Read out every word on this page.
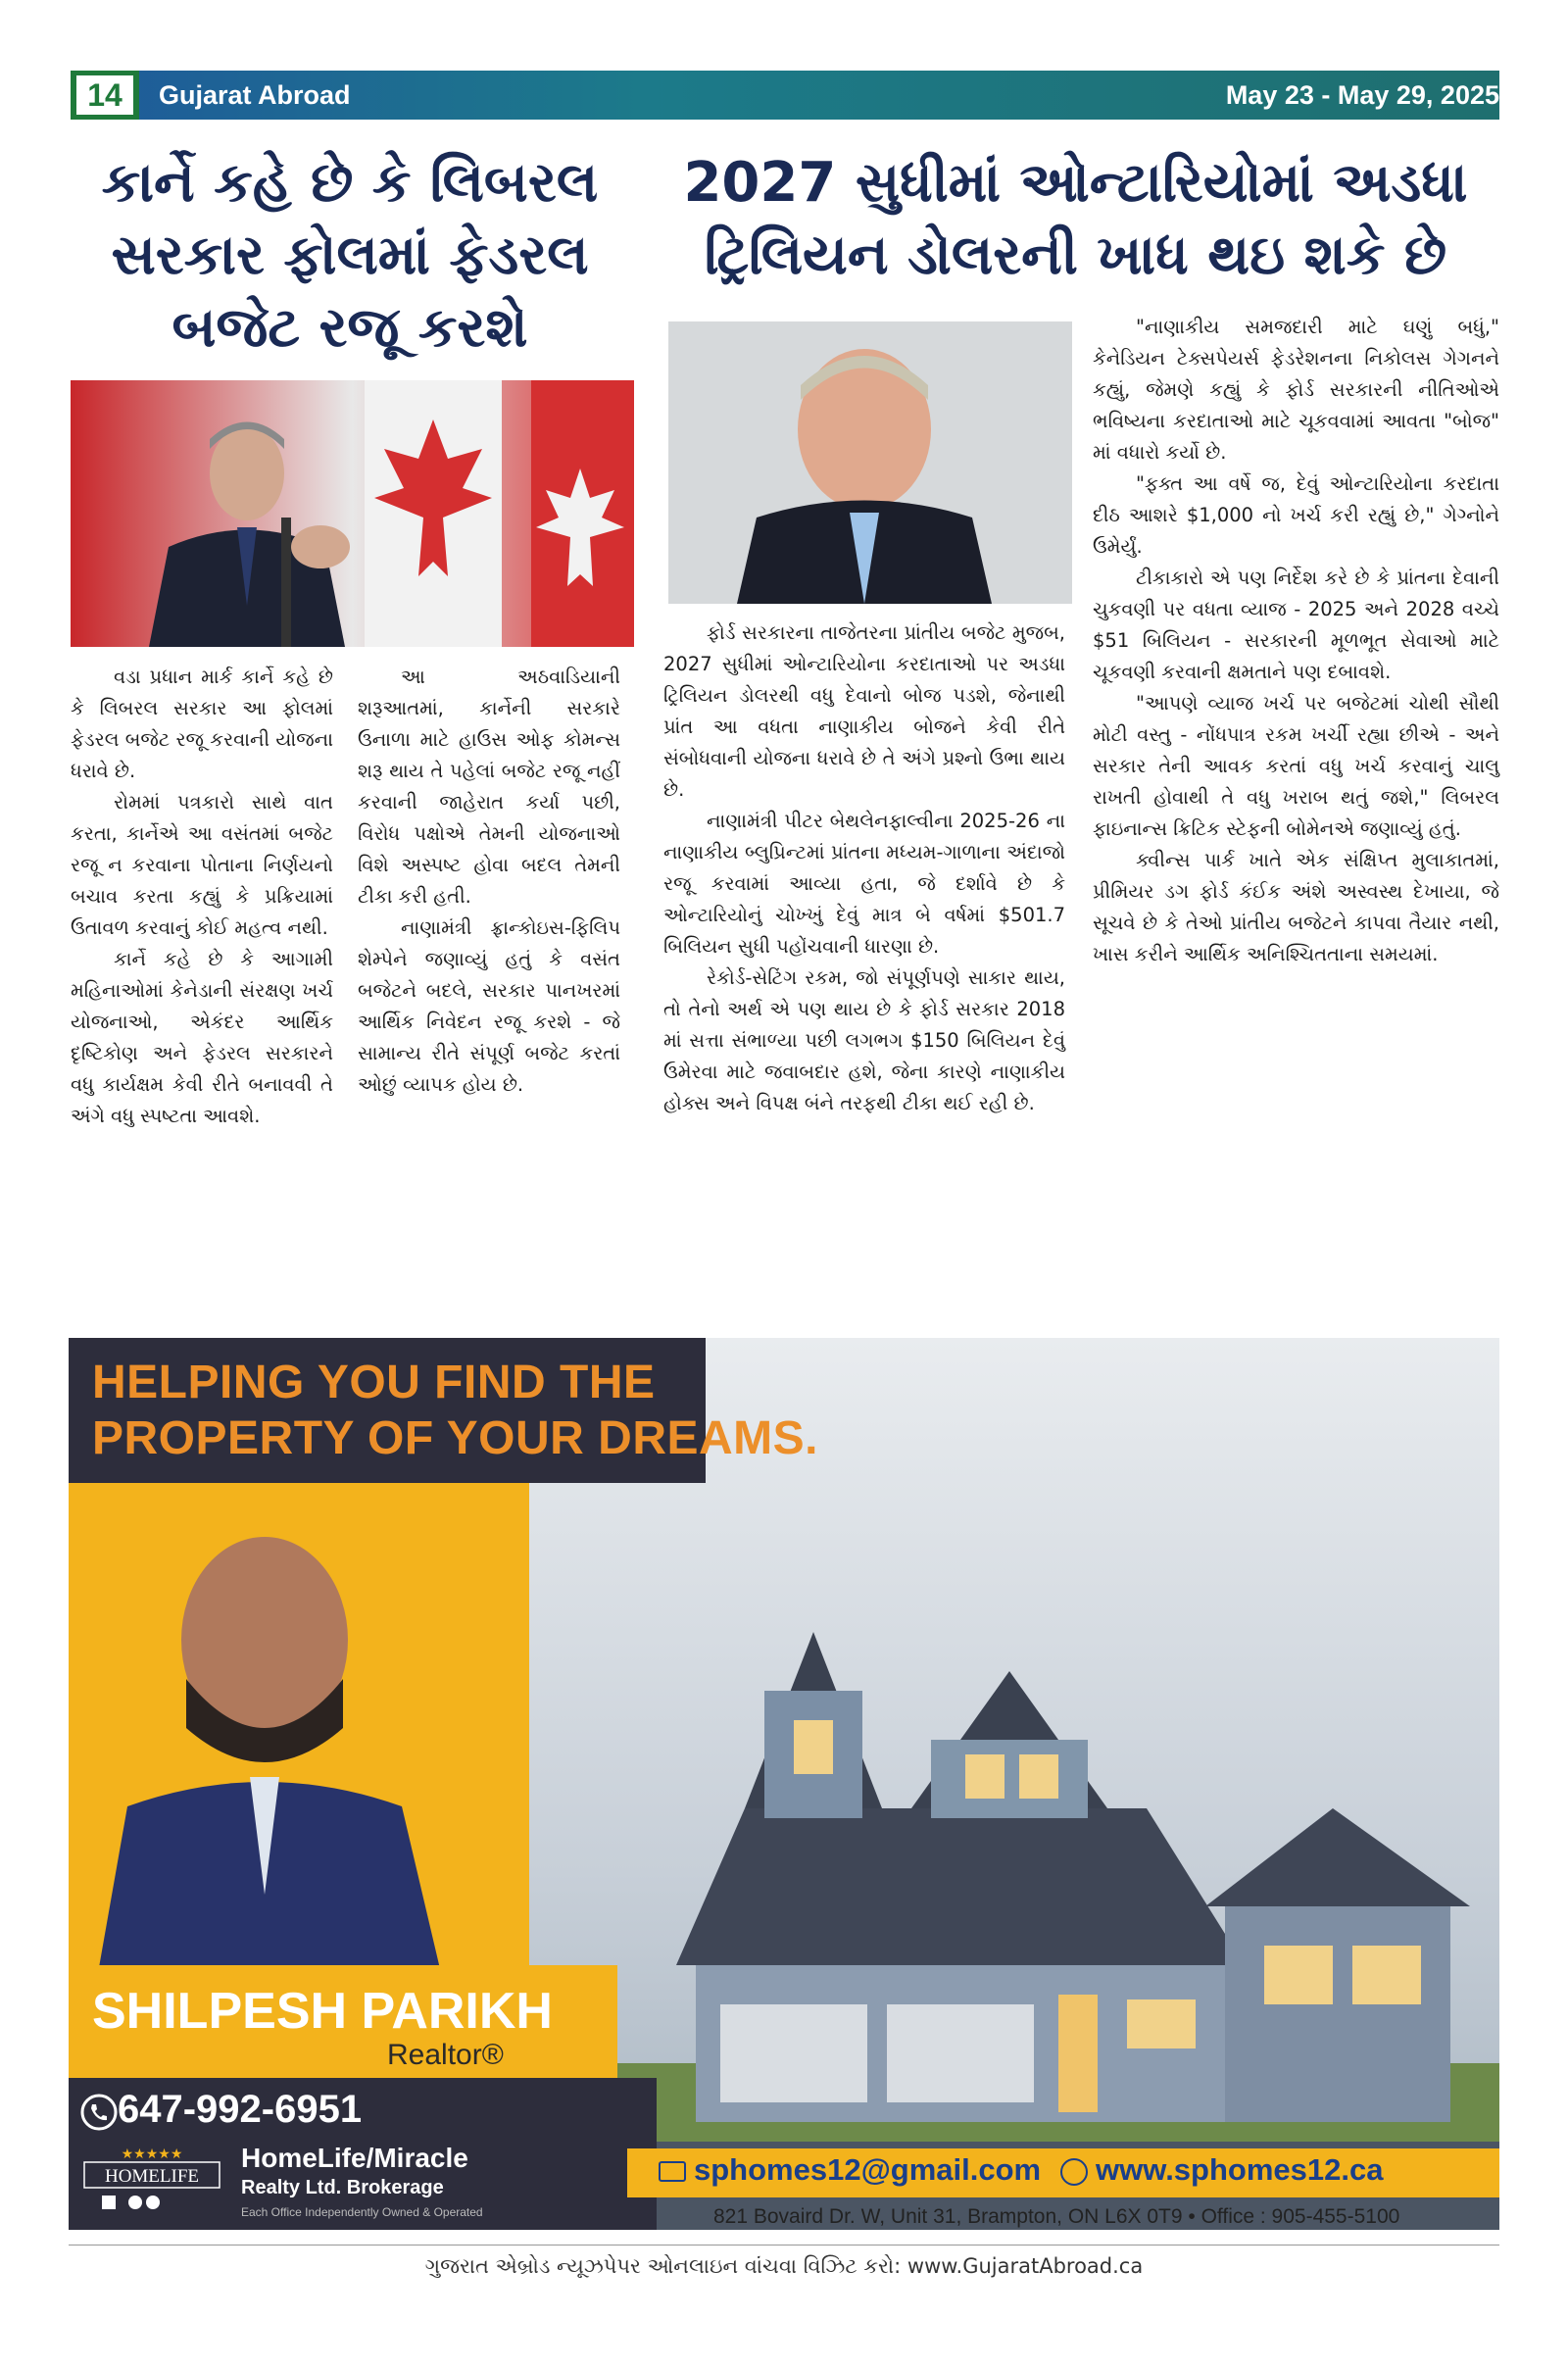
14	Gujarat Abroad	May 23 - May 29, 2025
કાર્ને કહે છે કે લિબરલ સરકાર ફોલમાં ફેડરલ બજેટ રજૂ કરશે
2027 સુધીમાં ઓન્ટારિયોમાં અડધા ટ્રિલિયન ડોલરની ખાધ થઇ શકે છે

વડા પ્રધાન માર્ક કાર્ને કહે છે કે લિબરલ સરકાર આ ફોલમાં ફેડરલ બજેટ રજૂ કરવાની યોજના ધરાવે છે.

રોમમાં પત્રકારો સાથે વાત કરતા, કાર્નેએ આ વસંતમાં બજેટ રજૂ ન કરવાના પોતાના નિર્ણયનો બચાવ કરતા કહ્યું કે પ્રક્રિયામાં ઉતાવળ કરવાનું કોઈ મહત્વ નથી.

કાર્ને કહે છે કે આગામી મહિનાઓમાં કેનેડાની સંરક્ષણ ખર્ચ યોજનાઓ, એકંદર આર્થિક દૃષ્ટિકોણ અને ફેડરલ સરકારને વધુ કાર્યક્ષમ કેવી રીતે બનાવવી તે અંગે વધુ સ્પષ્ટતા આવશે.

આ અઠવાડિયાની શરૂઆતમાં, કાર્નેની સરકારે ઉનાળા માટે હાઉસ ઓફ કોમન્સ શરૂ થાય તે પહેલાં બજેટ રજૂ નહીં કરવાની જાહેરાત કર્યા પછી, વિરોધ પક્ષોએ તેમની યોજનાઓ વિશે અસ્પષ્ટ હોવા બદલ તેમની ટીકા કરી હતી.

નાણામંત્રી ફ્રાન્કોઇસ-ફિલિપ શેમ્પેને જણાવ્યું હતું કે વસંત બજેટને બદલે, સરકાર પાનખરમાં આર્થિક નિવેદન રજૂ કરશે - જે સામાન્ય રીતે સંપૂર્ણ બજેટ કરતાં ઓછું વ્યાપક હોય છે.

ફોર્ડ સરકારના તાજેતરના પ્રાંતીય બજેટ મુજબ, 2027 સુધીમાં ઓન્ટારિયોના કરદાતાઓ પર અડધા ટ્રિલિયન ડોલરથી વધુ દેવાનો બોજ પડશે, જેનાથી પ્રાંત આ વધતા નાણાકીય બોજને કેવી રીતે સંબોધવાની યોજના ધરાવે છે તે અંગે પ્રશ્નો ઉભા થાય છે.

નાણામંત્રી પીટર બેથલેનફાલ્વીના 2025-26 ના નાણાકીય બ્લુપ્રિન્ટમાં પ્રાંતના મધ્યમ-ગાળાના અંદાજો રજૂ કરવામાં આવ્યા હતા, જે દર્શાવે છે કે ઓન્ટારિયોનું ચોખ્ખું દેવું માત્ર બે વર્ષમાં $501.7 બિલિયન સુધી પહોંચવાની ધારણા છે.

રેકોર્ડ-સેટિંગ રકમ, જો સંપૂર્ણપણે સાકાર થાય, તો તેનો અર્થ એ પણ થાય છે કે ફોર્ડ સરકાર 2018 માં સત્તા સંભાળ્યા પછી લગભગ $150 બિલિયન દેવું ઉમેરવા માટે જવાબદાર હશે, જેના કારણે નાણાકીય હોક્સ અને વિપક્ષ બંને તરફથી ટીકા થઈ રહી છે.

"નાણાકીય સમજદારી માટે ઘણું બધું," કેનેડિયન ટેક્સપેયર્સ ફેડરેશનના નિકોલસ ગેગનને કહ્યું, જેમણે કહ્યું કે ફોર્ડ સરકારની નીતિઓએ ભવિષ્યના કરદાતાઓ માટે ચૂકવવામાં આવતા "બોજ" માં વધારો કર્યો છે.

"ફક્ત આ વર્ષે જ, દેવું ઓન્ટારિયોના કરદાતા દીઠ આશરે $1,000 નો ખર્ચ કરી રહ્યું છે," ગેગ્નોને ઉમેર્યું.

ટીકાકારો એ પણ નિર્દેશ કરે છે કે પ્રાંતના દેવાની ચુકવણી પર વધતા વ્યાજ - 2025 અને 2028 વચ્ચે $51 બિલિયન - સરકારની મૂળભૂત સેવાઓ માટે ચૂકવણી કરવાની ક્ષમતાને પણ દબાવશે.

"આપણે વ્યાજ ખર્ચ પર બજેટમાં ચોથી સૌથી મોટી વસ્તુ - નોંધપાત્ર રકમ ખર્ચી રહ્યા છીએ - અને સરકાર તેની આવક કરતાં વધુ ખર્ચ કરવાનું ચાલુ રાખતી હોવાથી તે વધુ ખરાબ થતું જશે," લિબરલ ફાઇનાન્સ ક્રિટિક સ્ટેફની બોમેનએ જણાવ્યું હતું.

ક્વીન્સ પાર્ક ખાતે એક સંક્ષિપ્ત મુલાકાતમાં, પ્રીમિયર ડગ ફોર્ડ કંઈક અંશે અસ્વસ્થ દેખાયા, જે સૂચવે છે કે તેઓ પ્રાંતીય બજેટને કાપવા તૈયાર નથી, ખાસ કરીને આર્થિક અનિશ્ચિતતાના સમયમાં.

HELPING YOU FIND THE
PROPERTY OF YOUR DREAMS.
SHILPESH PARIKH
Realtor®
647-992-6951
★★★★★
HOMELIFE
HomeLife/Miracle
Realty Ltd. Brokerage
Each Office Independently Owned & Operated
sphomes12@gmail.com	www.sphomes12.ca
821 Bovaird Dr. W, Unit 31, Brampton, ON L6X 0T9 • Office : 905-455-5100
ગુજરાત એબ્રોડ ન્યૂઝપેપર ઓનલાઇન વાંચવા વિઝિટ કરો: www.GujaratAbroad.ca
